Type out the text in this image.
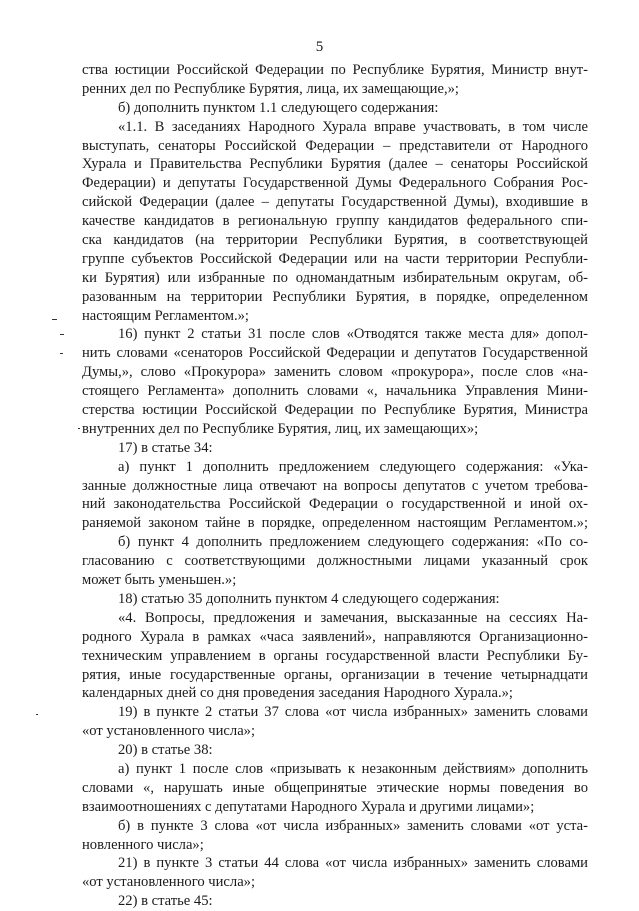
5
ства юстиции Российской Федерации по Республике Бурятия, Министр внут-
ренних дел по Республике Бурятия, лица, их замещающие,»;
б) дополнить пунктом 1.1 следующего содержания:
«1.1. В заседаниях Народного Хурала вправе участвовать, в том числе
выступать, сенаторы Российской Федерации – представители от Народного
Хурала и Правительства Республики Бурятия (далее – сенаторы Российской
Федерации) и депутаты Государственной Думы Федерального Собрания Рос-
сийской Федерации (далее – депутаты Государственной Думы), входившие в
качестве кандидатов в региональную группу кандидатов федерального спи-
ска кандидатов (на территории Республики Бурятия, в соответствующей
группе субъектов Российской Федерации или на части территории Республи-
ки Бурятия) или избранные по одномандатным избирательным округам, об-
разованным на территории Республики Бурятия, в порядке, определенном
настоящим Регламентом.»;
16) пункт 2 статьи 31 после слов «Отводятся также места для» допол-
нить словами «сенаторов Российской Федерации и депутатов Государственной
Думы,», слово «Прокурора» заменить словом «прокурора», после слов «на-
стоящего Регламента» дополнить словами «, начальника Управления Мини-
стерства юстиции Российской Федерации по Республике Бурятия, Министра
внутренних дел по Республике Бурятия, лиц, их замещающих»;
17) в статье 34:
а) пункт 1 дополнить предложением следующего содержания: «Ука-
занные должностные лица отвечают на вопросы депутатов с учетом требова-
ний законодательства Российской Федерации о государственной и иной ох-
раняемой законом тайне в порядке, определенном настоящим Регламентом.»;
б) пункт 4 дополнить предложением следующего содержания: «По со-
гласованию с соответствующими должностными лицами указанный срок
может быть уменьшен.»;
18) статью 35 дополнить пунктом 4 следующего содержания:
«4. Вопросы, предложения и замечания, высказанные на сессиях На-
родного Хурала в рамках «часа заявлений», направляются Организационно-
техническим управлением в органы государственной власти Республики Бу-
рятия, иные государственные органы, организации в течение четырнадцати
календарных дней со дня проведения заседания Народного Хурала.»;
19) в пункте 2 статьи 37 слова «от числа избранных» заменить словами
«от установленного числа»;
20) в статье 38:
а) пункт 1 после слов «призывать к незаконным действиям» дополнить
словами «, нарушать иные общепринятые этические нормы поведения во
взаимоотношениях с депутатами Народного Хурала и другими лицами»;
б) в пункте 3 слова «от числа избранных» заменить словами «от уста-
новленного числа»;
21) в пункте 3 статьи 44 слова «от числа избранных» заменить словами
«от установленного числа»;
22) в статье 45:
